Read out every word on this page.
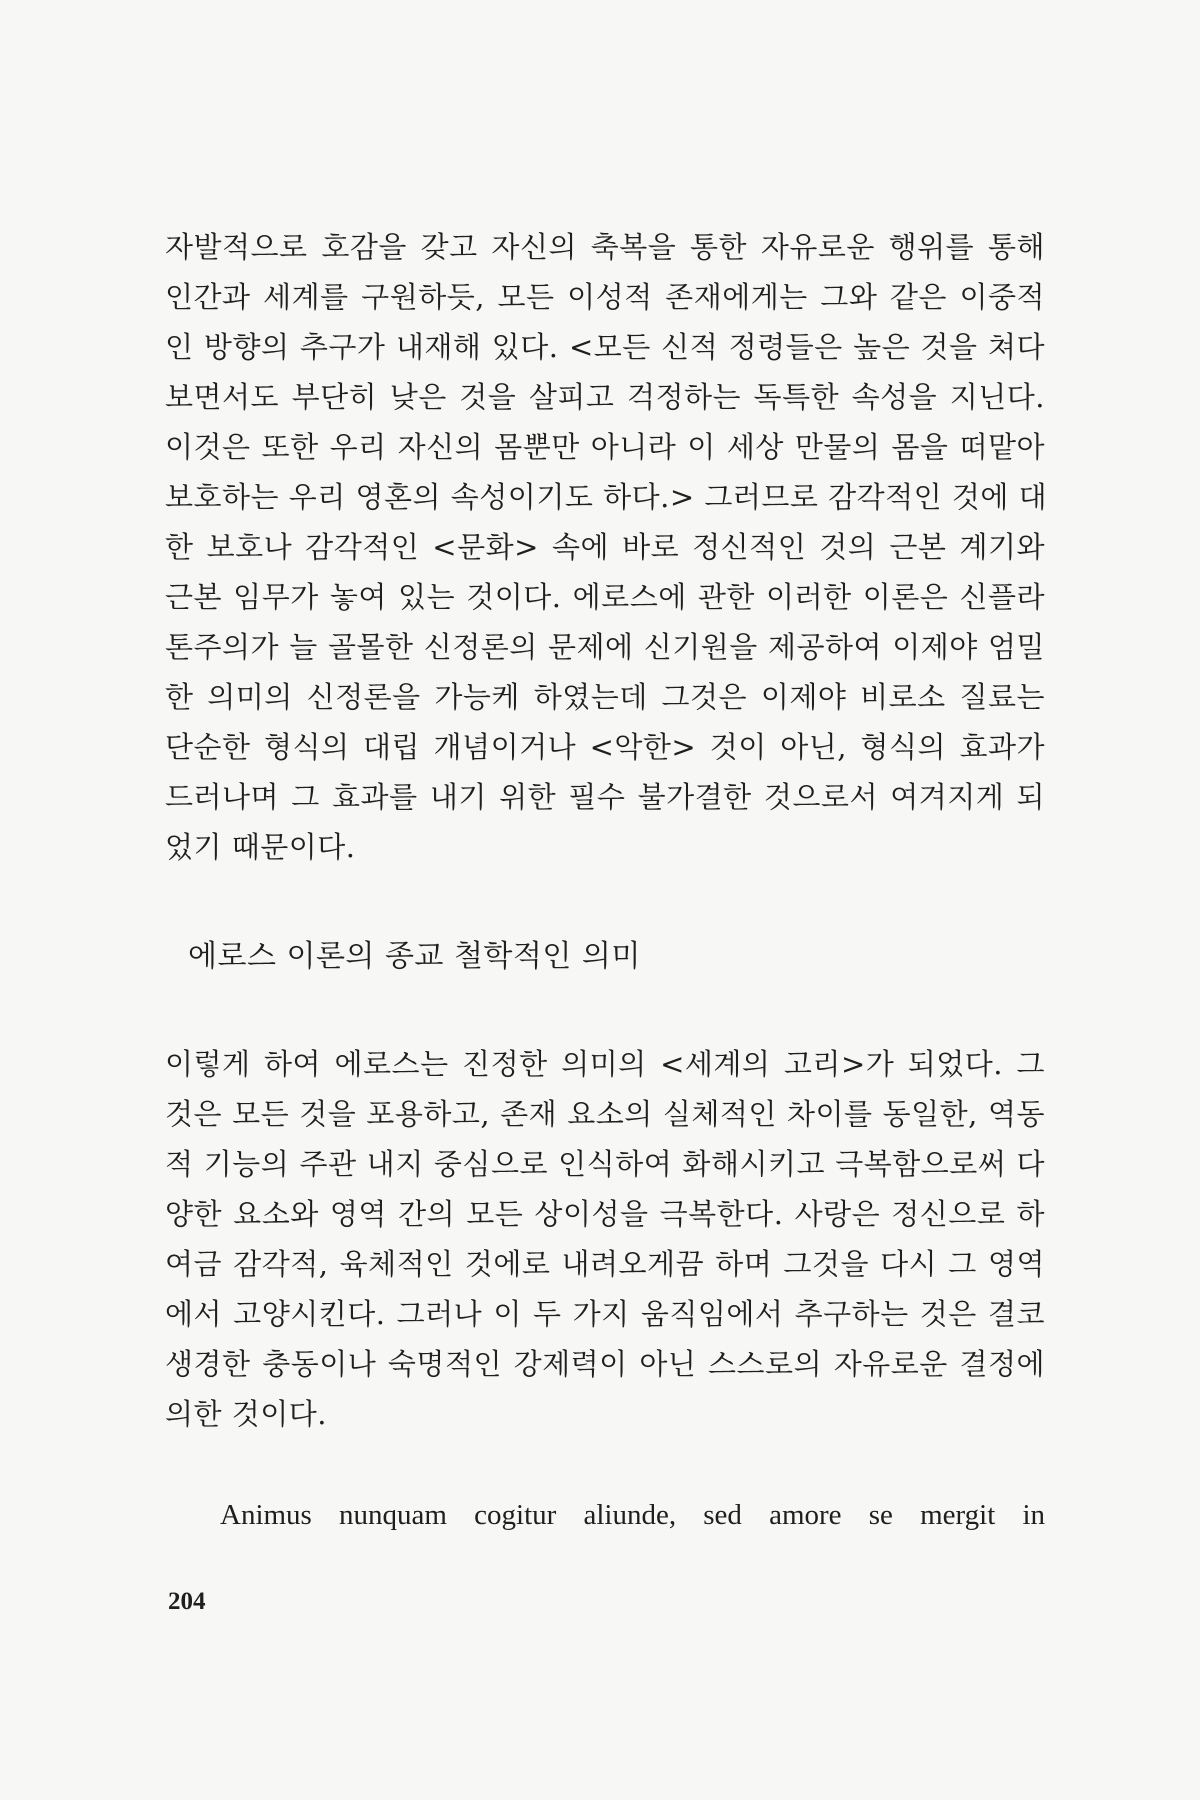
자발적으로 호감을 갖고 자신의 축복을 통한 자유로운 행위를 통해
인간과 세계를 구원하듯, 모든 이성적 존재에게는 그와 같은 이중적
인 방향의 추구가 내재해 있다. <모든 신적 정령들은 높은 것을 쳐다
보면서도 부단히 낮은 것을 살피고 걱정하는 독특한 속성을 지닌다.
이것은 또한 우리 자신의 몸뿐만 아니라 이 세상 만물의 몸을 떠맡아
보호하는 우리 영혼의 속성이기도 하다.> 그러므로 감각적인 것에 대
한 보호나 감각적인 <문화> 속에 바로 정신적인 것의 근본 계기와
근본 임무가 놓여 있는 것이다. 에로스에 관한 이러한 이론은 신플라
톤주의가 늘 골몰한 신정론의 문제에 신기원을 제공하여 이제야 엄밀
한 의미의 신정론을 가능케 하였는데 그것은 이제야 비로소 질료는
단순한 형식의 대립 개념이거나 <악한> 것이 아닌, 형식의 효과가
드러나며 그 효과를 내기 위한 필수 불가결한 것으로서 여겨지게 되
었기 때문이다.
에로스 이론의 종교 철학적인 의미
이렇게 하여 에로스는 진정한 의미의 <세계의 고리>가 되었다. 그
것은 모든 것을 포용하고, 존재 요소의 실체적인 차이를 동일한, 역동
적 기능의 주관 내지 중심으로 인식하여 화해시키고 극복함으로써 다
양한 요소와 영역 간의 모든 상이성을 극복한다. 사랑은 정신으로 하
여금 감각적, 육체적인 것에로 내려오게끔 하며 그것을 다시 그 영역
에서 고양시킨다. 그러나 이 두 가지 움직임에서 추구하는 것은 결코
생경한 충동이나 숙명적인 강제력이 아닌 스스로의 자유로운 결정에
의한 것이다.
Animus nunquam cogitur aliunde, sed amore se mergit in
204
